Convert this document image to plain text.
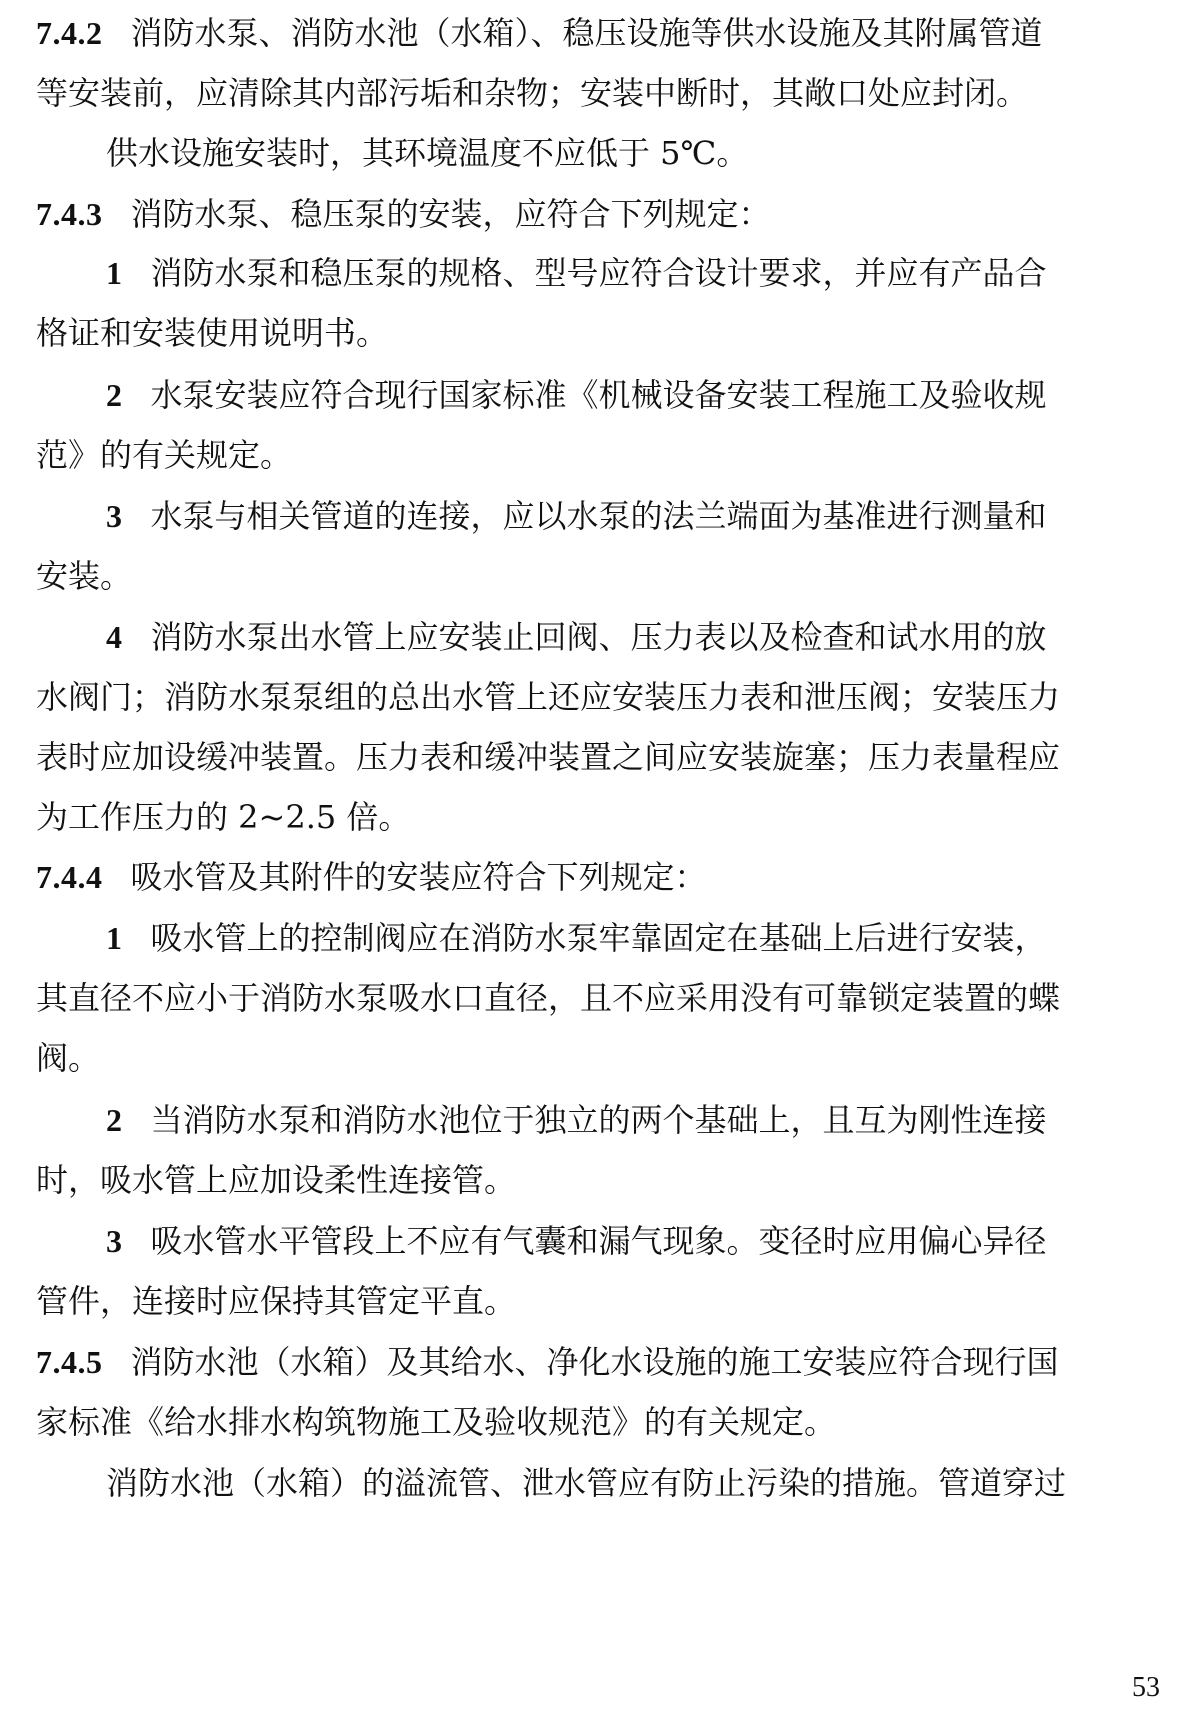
7.4.2 消防水泵、消防水池（水箱）、稳压设施等供水设施及其附属管道
等安装前，应清除其内部污垢和杂物；安装中断时，其敞口处应封闭。
供水设施安装时，其环境温度不应低于 5℃。
7.4.3 消防水泵、稳压泵的安装，应符合下列规定：
1 消防水泵和稳压泵的规格、型号应符合设计要求，并应有产品合
格证和安装使用说明书。
2 水泵安装应符合现行国家标准《机械设备安装工程施工及验收规
范》的有关规定。
3 水泵与相关管道的连接，应以水泵的法兰端面为基准进行测量和
安装。
4 消防水泵出水管上应安装止回阀、压力表以及检查和试水用的放
水阀门；消防水泵泵组的总出水管上还应安装压力表和泄压阀；安装压力
表时应加设缓冲装置。压力表和缓冲装置之间应安装旋塞；压力表量程应
为工作压力的 2~2.5 倍。
7.4.4 吸水管及其附件的安装应符合下列规定：
1 吸水管上的控制阀应在消防水泵牢靠固定在基础上后进行安装，
其直径不应小于消防水泵吸水口直径，且不应采用没有可靠锁定装置的蝶
阀。
2 当消防水泵和消防水池位于独立的两个基础上，且互为刚性连接
时，吸水管上应加设柔性连接管。
3 吸水管水平管段上不应有气囊和漏气现象。变径时应用偏心异径
管件，连接时应保持其管定平直。
7.4.5 消防水池（水箱）及其给水、净化水设施的施工安装应符合现行国
家标准《给水排水构筑物施工及验收规范》的有关规定。
消防水池（水箱）的溢流管、泄水管应有防止污染的措施。管道穿过
53
